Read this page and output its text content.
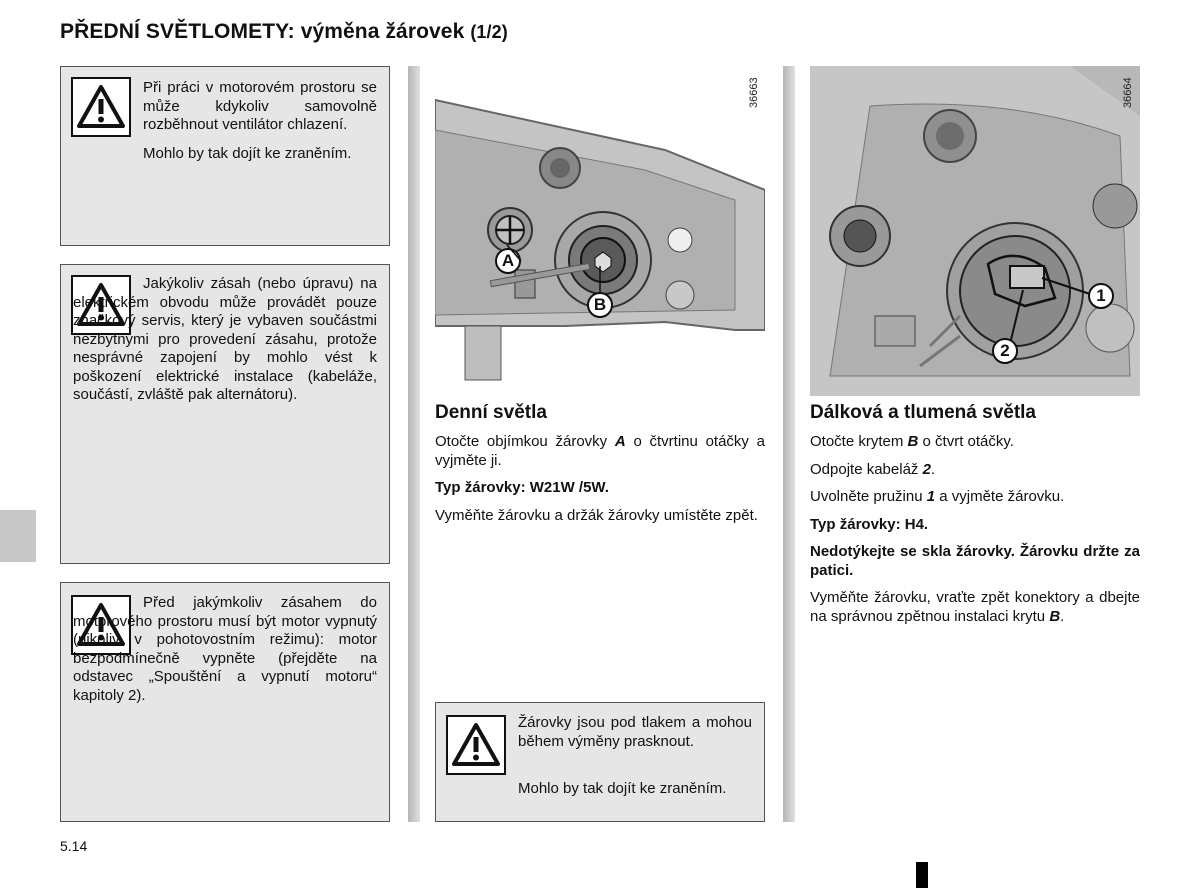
PŘEDNÍ SVĚTLOMETY: výměna žárovek (1/2)

Při práci v motorovém prostoru se může kdykoliv samovolně rozběhnout ventilátor chlazení.

Mohlo by tak dojít ke zraněním.

Jakýkoliv zásah (nebo úpravu) na elektrickém obvodu může provádět pouze značkový servis, který je vybaven součástmi nezbytnými pro provedení zásahu, protože nesprávné zapojení by mohlo vést k poškození elektrické instalace (kabeláže, součástí, zvláště pak alternátoru).

Před jakýmkoliv zásahem do motorového prostoru musí být motor vypnutý (nikoliv v pohotovostním režimu): motor bezpodmínečně vypněte (přejděte na odstavec „Spouštění a vypnutí motoru“ kapitoly 2).

A
B
36663
1
2
36664
Denní světla

Otočte objímkou žárovky A o čtvrtinu otáčky a vyjměte ji.

Typ žárovky: W21W /5W.

Vyměňte žárovku a držák žárovky umístěte zpět.

Žárovky jsou pod tlakem a mohou během výměny prasknout.

Mohlo by tak dojít ke zraněním.

Dálková a tlumená světla

Otočte krytem B o čtvrt otáčky.

Odpojte kabeláž 2.

Uvolněte pružinu 1 a vyjměte žárovku.

Typ žárovky: H4.

Nedotýkejte se skla žárovky. Žárovku držte za patici.

Vyměňte žárovku, vraťte zpět konektory a dbejte na správnou zpětnou instalaci krytu B.

5.14
